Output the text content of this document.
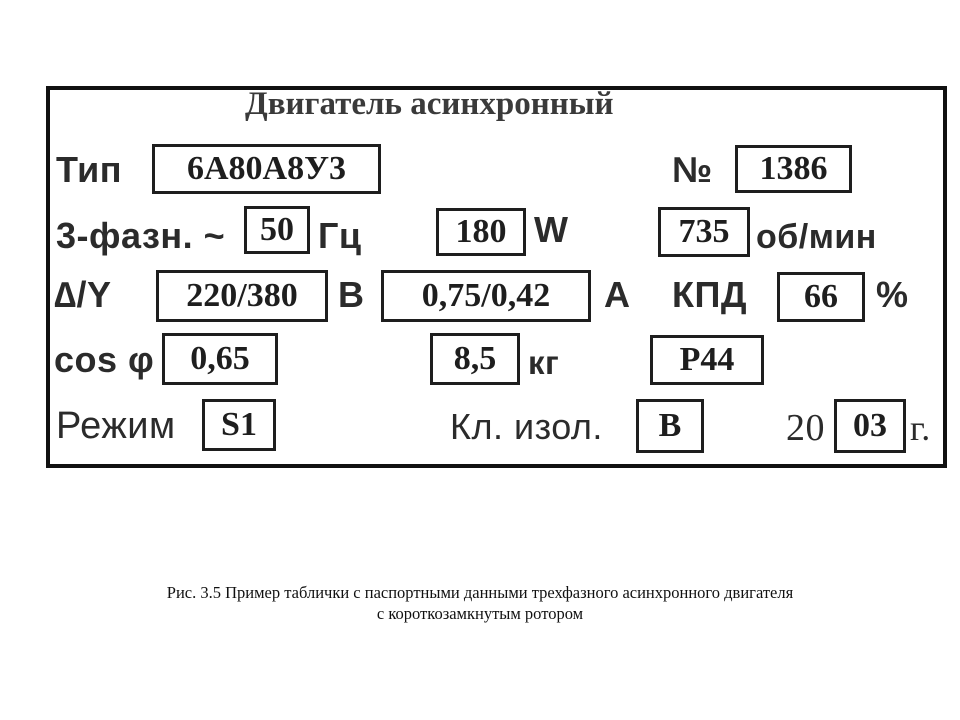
Двигатель асинхронный
Тип 6А80А8У3	№ 1386
3-фазн. ~ 50 Гц	180 W	735 об/мин
∆/Y 220/380 В 0,75/0,42 А КПД 66 %
cos φ 0,65	8,5 кг	Р44
Режим S1	Кл. изол. В	20 03 г.
Рис. 3.5 Пример таблички с паспортными данными трехфазного асинхронного двигателя
с короткозамкнутым ротором
